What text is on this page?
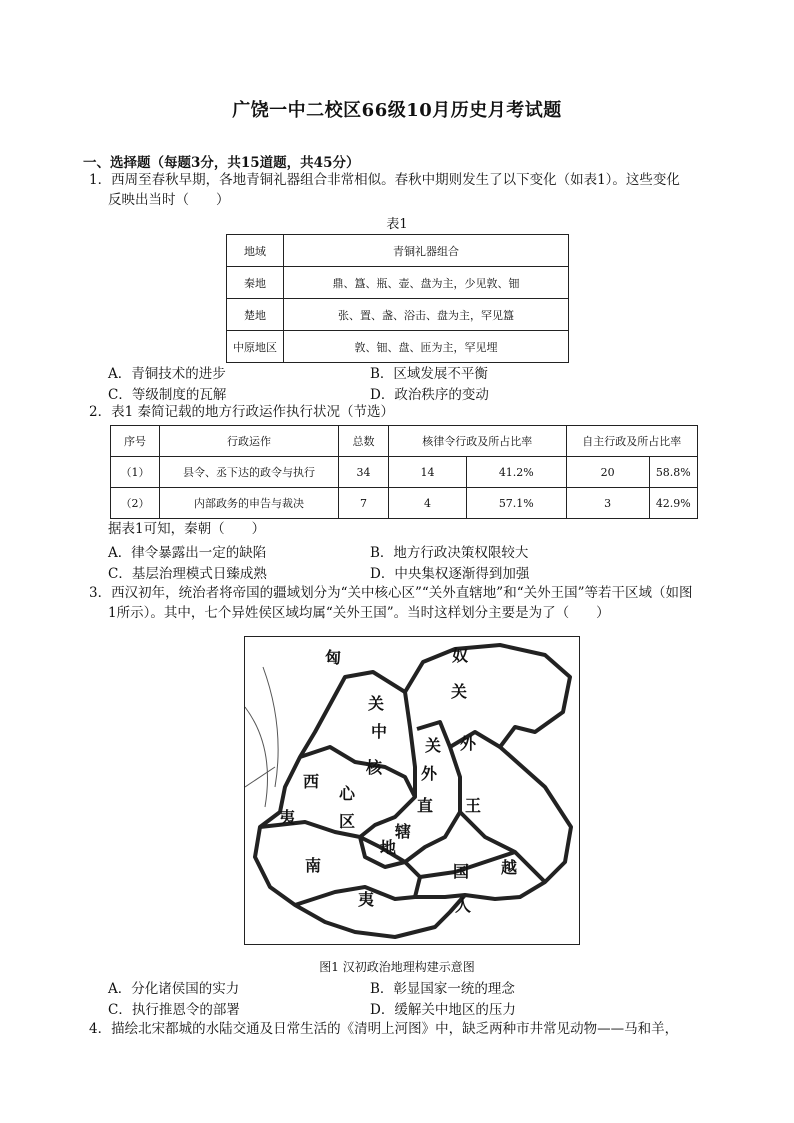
广饶一中二校区66级10月历史月考试题
一、选择题（每题3分，共15道题，共45分）
1．西周至春秋早期，各地青铜礼器组合非常相似。春秋中期则发生了以下变化（如表1）。这些变化
反映出当时（　　）
表1
地域	青铜礼器组合
秦地	鼎、簋、瓶、壶、盘为主，少见敦、钿
楚地	张、置、盏、浴击、盘为主，罕见簋
中原地区	敦、钿、盘、匝为主，罕见埋
A．青铜技术的进步	B．区域发展不平衡
C．等级制度的瓦解	D．政治秩序的变动
2．表1 秦简记载的地方行政运作执行状况（节选）
序号	行政运作	总数	核律令行政及所占比率		自主行政及所占比率	
（1）	县令、丞下达的政令与执行	34	14	41.2%	20	58.8%
（2）	内部政务的申告与裁决	7	4	57.1%	3	42.9%
据表1可知，秦朝（　　）
A．律令暴露出一定的缺陷	B．地方行政决策权限较大
C．基层治理模式日臻成熟	D．中央集权逐渐得到加强
3．西汉初年，统治者将帝国的疆域划分为“关中核心区”“关外直辖地”和“关外王国”等若干区域（如图
1所示）。其中，七个异姓侯区域均属“关外王国”。当时这样划分主要是为了（　　）
匈	奴
关
中
核
心
区
关
外
直
辖
地
关
外
王
国
西
夷
南
夷
越
人
图1 汉初政治地理构建示意图
A．分化诸侯国的实力	B．彰显国家一统的理念
C．执行推恩令的部署	D．缓解关中地区的压力
4．描绘北宋都城的水陆交通及日常生活的《清明上河图》中，缺乏两种市井常见动物——马和羊，
